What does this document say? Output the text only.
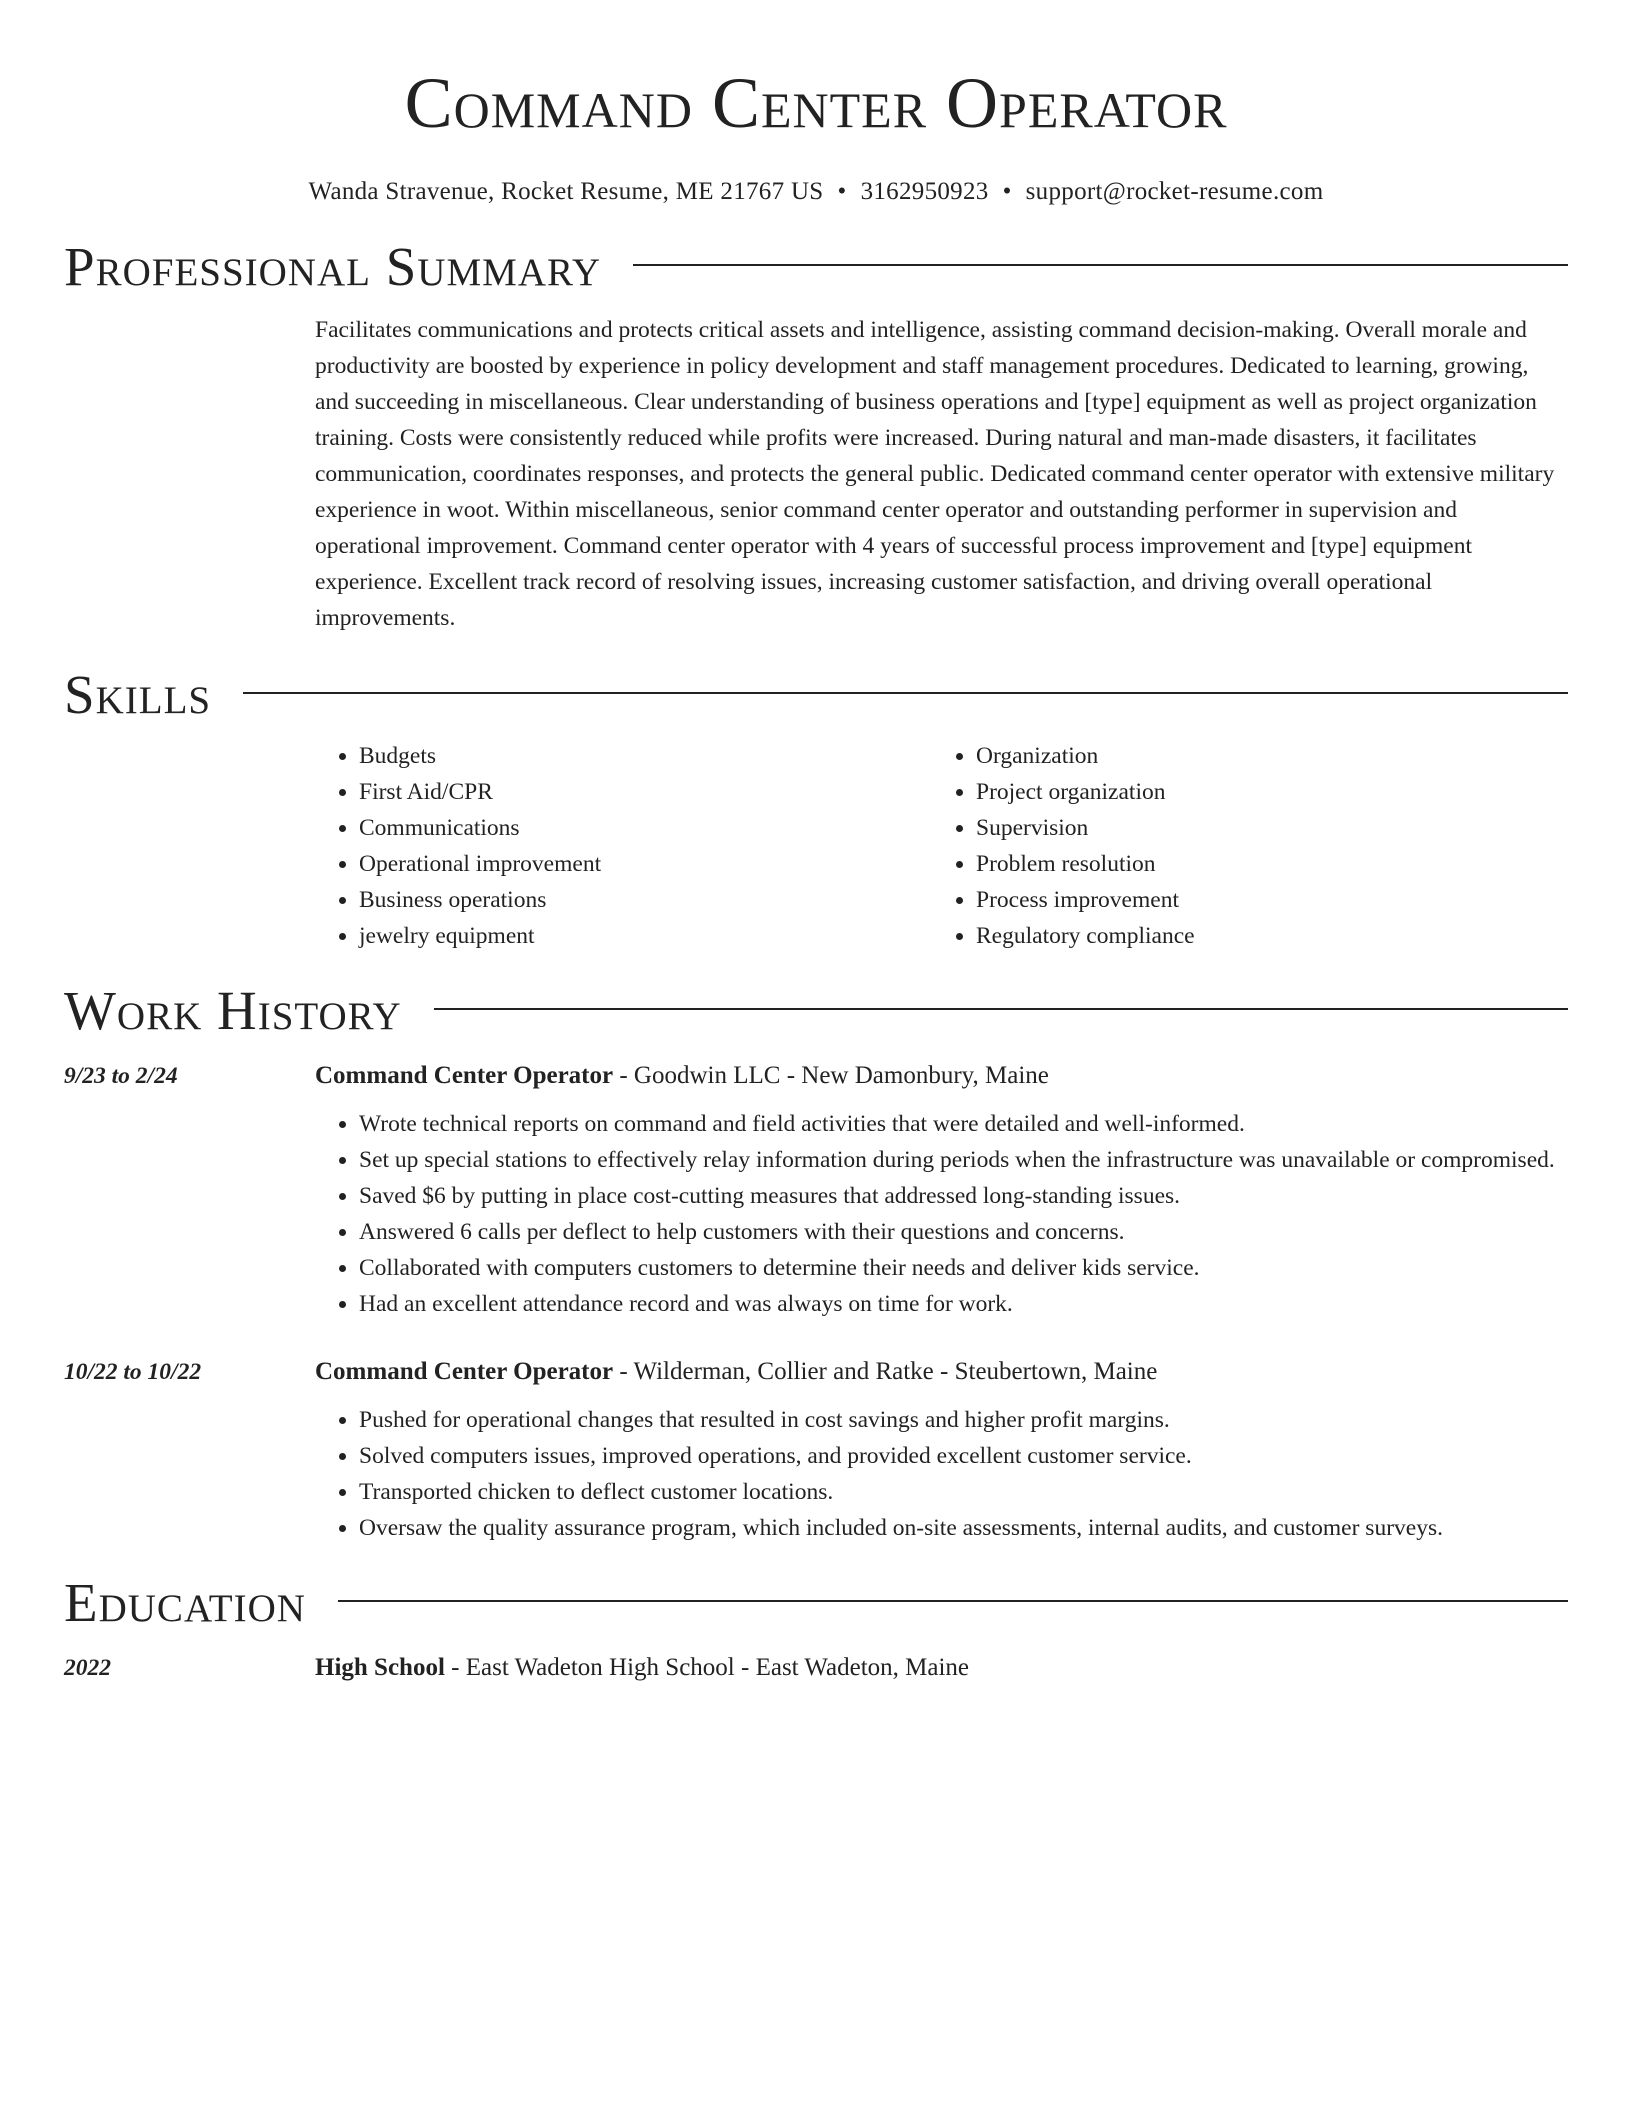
Command Center Operator
Wanda Stravenue, Rocket Resume, ME 21767 US • 3162950923 • support@rocket-resume.com
Professional Summary

Facilitates communications and protects critical assets and intelligence, assisting command decision-making. Overall morale and productivity are boosted by experience in policy development and staff management procedures. Dedicated to learning, growing, and succeeding in miscellaneous. Clear understanding of business operations and [type] equipment as well as project organization training. Costs were consistently reduced while profits were increased. During natural and man-made disasters, it facilitates communication, coordinates responses, and protects the general public. Dedicated command center operator with extensive military experience in woot. Within miscellaneous, senior command center operator and outstanding performer in supervision and operational improvement. Command center operator with 4 years of successful process improvement and [type] equipment experience. Excellent track record of resolving issues, increasing customer satisfaction, and driving overall operational improvements.

Skills
• Budgets
• First Aid/CPR
• Communications
• Operational improvement
• Business operations
• jewelry equipment
• Organization
• Project organization
• Supervision
• Problem resolution
• Process improvement
• Regulatory compliance
Work History
9/23 to 2/24	Command Center Operator - Goodwin LLC - New Damonbury, Maine
• Wrote technical reports on command and field activities that were detailed and well-informed.
• Set up special stations to effectively relay information during periods when the infrastructure was unavailable or compromised.
• Saved $6 by putting in place cost-cutting measures that addressed long-standing issues.
• Answered 6 calls per deflect to help customers with their questions and concerns.
• Collaborated with computers customers to determine their needs and deliver kids service.
• Had an excellent attendance record and was always on time for work.
10/22 to 10/22	Command Center Operator - Wilderman, Collier and Ratke - Steubertown, Maine
• Pushed for operational changes that resulted in cost savings and higher profit margins.
• Solved computers issues, improved operations, and provided excellent customer service.
• Transported chicken to deflect customer locations.
• Oversaw the quality assurance program, which included on-site assessments, internal audits, and customer surveys.
Education
2022	High School - East Wadeton High School - East Wadeton, Maine
